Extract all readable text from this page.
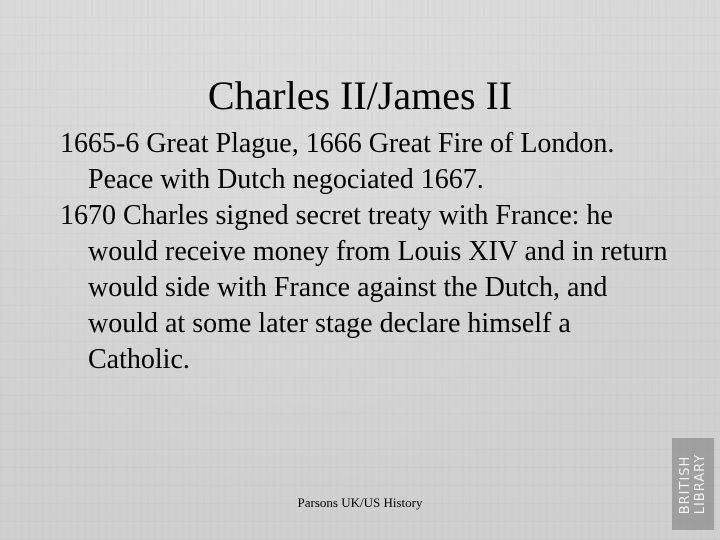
Charles II/James II

1665-6 Great Plague, 1666 Great Fire of London. Peace with Dutch negociated 1667.

1670 Charles signed secret treaty with France: he would receive money from Louis XIV and in return would side with France against the Dutch, and would at some later stage declare himself a Catholic.

Parsons UK/US History	BRITISH LIBRARY
